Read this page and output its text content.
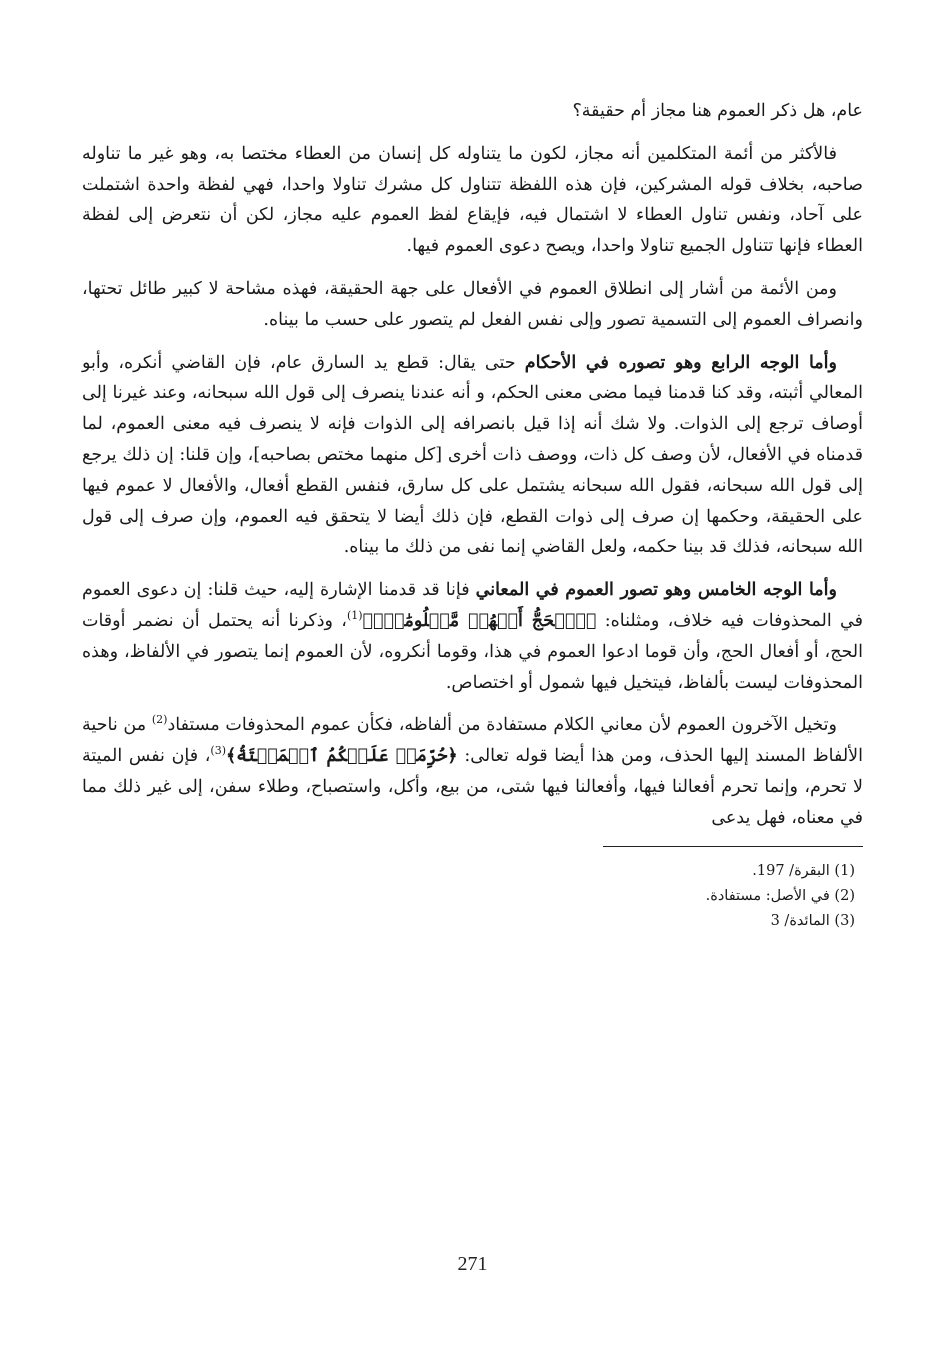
عام، هل ذكر العموم هنا مجاز أم حقيقة؟

فالأكثر من أئمة المتكلمين أنه مجاز، لكون ما يتناوله كل إنسان من العطاء مختصا به، وهو غير ما تناوله صاحبه، بخلاف قوله المشركين، فإن هذه اللفظة تتناول كل مشرك تناولا واحدا، فهي لفظة واحدة اشتملت على آحاد، ونفس تناول العطاء لا اشتمال فيه، فإيقاع لفظ العموم عليه مجاز، لكن أن نتعرض إلى لفظة العطاء فإنها تتناول الجميع تناولا واحدا، ويصح دعوى العموم فيها.

ومن الأئمة من أشار إلى انطلاق العموم في الأفعال على جهة الحقيقة، فهذه مشاحة لا كبير طائل تحتها، وانصراف العموم إلى التسمية تصور وإلى نفس الفعل لم يتصور على حسب ما بيناه.

وأما الوجه الرابع وهو تصوره في الأحكام حتى يقال: قطع يد السارق عام، فإن القاضي أنكره، وأبو المعالي أثبته، وقد كنا قدمنا فيما مضى معنى الحكم، و أنه عندنا ينصرف إلى قول الله سبحانه، وعند غيرنا إلى أوصاف ترجع إلى الذوات. ولا شك أنه إذا قيل بانصرافه إلى الذوات فإنه لا ينصرف فيه معنى العموم، لما قدمناه في الأفعال، لأن وصف كل ذات، ووصف ذات أخرى [كل منهما مختص بصاحبه]، وإن قلنا: إن ذلك يرجع إلى قول الله سبحانه، فقول الله سبحانه يشتمل على كل سارق، فنفس القطع أفعال، والأفعال لا عموم فيها على الحقيقة، وحكمها إن صرف إلى ذوات القطع، فإن ذلك أيضا لا يتحقق فيه العموم، وإن صرف إلى قول الله سبحانه، فذلك قد بينا حكمه، ولعل القاضي إنما نفى من ذلك ما بيناه.

وأما الوجه الخامس وهو تصور العموم في المعاني فإنا قد قدمنا الإشارة إليه، حيث قلنا: إن دعوى العموم في المحذوفات فيه خلاف، ومثلناه: ﴿ٱلۡحَجُّ أَشۡهُرٞ مَّعۡلُومَٰتٞۚ﴾$^{(1)}$، وذكرنا أنه يحتمل أن نضمر أوقات الحج، أو أفعال الحج، وأن قوما ادعوا العموم في هذا، وقوما أنكروه، لأن العموم إنما يتصور في الألفاظ، وهذه المحذوفات ليست بألفاظ، فيتخيل فيها شمول أو اختصاص.

وتخيل الآخرون العموم لأن معاني الكلام مستفادة من ألفاظه، فكأن عموم المحذوفات مستفاد$^{(2)}$ من ناحية الألفاظ المسند إليها الحذف، ومن هذا أيضا قوله تعالى: ﴿حُرِّمَتۡ عَلَيۡكُمُ ٱلۡمَيۡتَةُ﴾$^{(3)}$، فإن نفس الميتة لا تحرم، وإنما تحرم أفعالنا فيها، وأفعالنا فيها شتى، من بيع، وأكل، واستصباح، وطلاء سفن، إلى غير ذلك مما في معناه، فهل يدعى

(1) البقرة/ 197.
(2) في الأصل: مستفادة.
(3) المائدة/ 3
271
